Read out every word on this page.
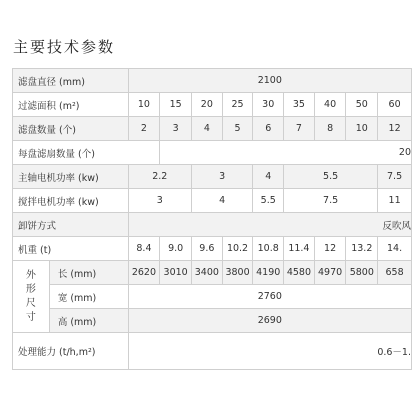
主要技术参数
滤盘直径 (mm)		2100								
过滤面积 (m²)		10	15	20	25	30	35	40	50	60
滤盘数量 (个)		2	3	4	5	6	7	8	10	12
每盘滤扇数量 (个)			20							
主轴电机功率 (kw)		2.2		3		4	5.5			7.5
搅拌电机功率 (kw)		3		4		5.5	7.5			11
卸饼方式		反吹风								
机重 (t)		8.4	9.0	9.6	10.2	10.8	11.4	12	13.2	14.

外
形
尺
寸	长 (mm)	2620	3010	3400	3800	4190	4580	4970	5800	658
	宽 (mm)	2760								
	高 (mm)	2690								
处理能力 (t/h,m²)		0.6－1.								
